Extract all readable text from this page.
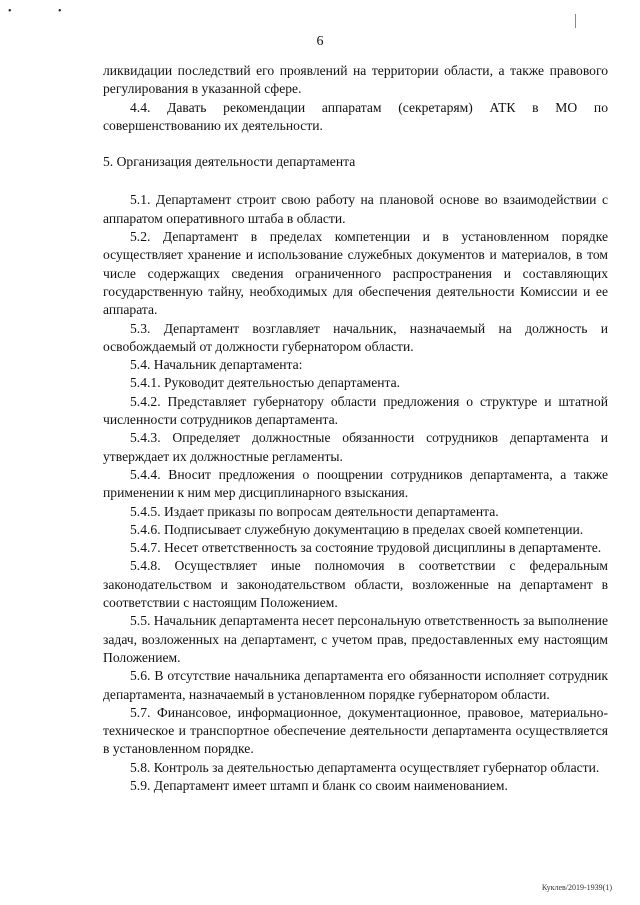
• •
6

ликвидации последствий его проявлений на территории области, а также правового регулирования в указанной сфере.

4.4. Давать рекомендации аппаратам (секретарям) АТК в МО по совершенствованию их деятельности.

5. Организация деятельности департамента

5.1. Департамент строит свою работу на плановой основе во взаимодействии с аппаратом оперативного штаба в области.

5.2. Департамент в пределах компетенции и в установленном порядке осуществляет хранение и использование служебных документов и материалов, в том числе содержащих сведения ограниченного распространения и составляющих государственную тайну, необходимых для обеспечения деятельности Комиссии и ее аппарата.

5.3. Департамент возглавляет начальник, назначаемый на должность и освобождаемый от должности губернатором области.

5.4. Начальник департамента:

5.4.1. Руководит деятельностью департамента.

5.4.2. Представляет губернатору области предложения о структуре и штатной численности сотрудников департамента.

5.4.3. Определяет должностные обязанности сотрудников департамента и утверждает их должностные регламенты.

5.4.4. Вносит предложения о поощрении сотрудников департамента, а также применении к ним мер дисциплинарного взыскания.

5.4.5. Издает приказы по вопросам деятельности департамента.

5.4.6. Подписывает служебную документацию в пределах своей компетенции.

5.4.7. Несет ответственность за состояние трудовой дисциплины в департаменте.

5.4.8. Осуществляет иные полномочия в соответствии с федеральным законодательством и законодательством области, возложенные на департамент в соответствии с настоящим Положением.

5.5. Начальник департамента несет персональную ответственность за выполнение задач, возложенных на департамент, с учетом прав, предоставленных ему настоящим Положением.

5.6. В отсутствие начальника департамента его обязанности исполняет сотрудник департамента, назначаемый в установленном порядке губернатором области.

5.7. Финансовое, информационное, документационное, правовое, материально-техническое и транспортное обеспечение деятельности департамента осуществляется в установленном порядке.

5.8. Контроль за деятельностью департамента осуществляет губернатор области.

5.9. Департамент имеет штамп и бланк со своим наименованием.

Куклев/2019-1939(1)
